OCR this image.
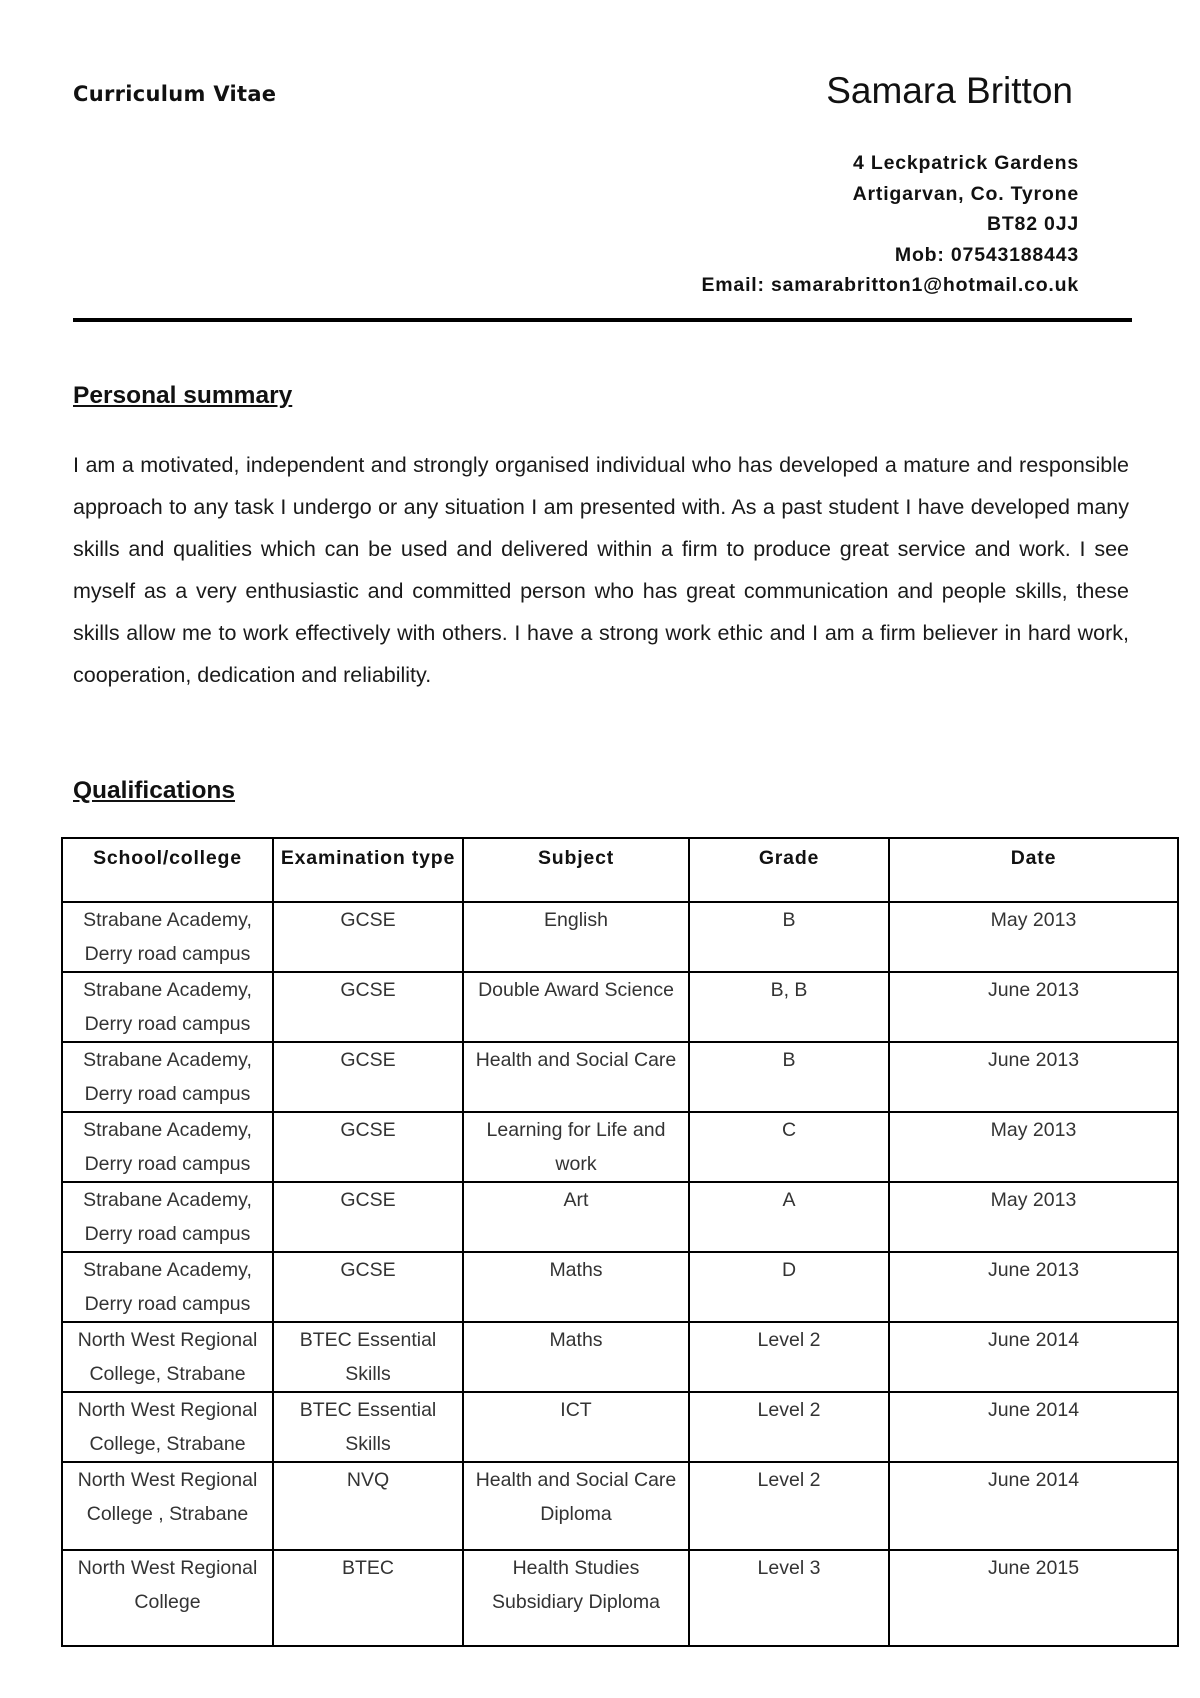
Curriculum Vitae	Samara Britton
4 Leckpatrick Gardens
Artigarvan, Co. Tyrone
BT82 0JJ
Mob: 07543188443
Email: samarabritton1@hotmail.co.uk
Personal summary
I am a motivated, independent and strongly organised individual who has developed a mature and responsible approach to any task I undergo or any situation I am presented with. As a past student I have developed many skills and qualities which can be used and delivered within a firm to produce great service and work. I see myself as a very enthusiastic and committed person who has great communication and people skills, these skills allow me to work effectively with others. I have a strong work ethic and I am a firm believer in hard work, cooperation, dedication and reliability.
Qualifications
School/college	Examination type	Subject	Grade	Date
Strabane Academy, Derry road campus	GCSE	English	B	May 2013
Strabane Academy, Derry road campus	GCSE	Double Award Science	B, B	June 2013
Strabane Academy, Derry road campus	GCSE	Health and Social Care	B	June 2013
Strabane Academy, Derry road campus	GCSE	Learning for Life and work	C	May 2013
Strabane Academy, Derry road campus	GCSE	Art	A	May 2013
Strabane Academy, Derry road campus	GCSE	Maths	D	June 2013
North West Regional College, Strabane	BTEC Essential Skills	Maths	Level 2	June 2014
North West Regional College, Strabane	BTEC Essential Skills	ICT	Level 2	June 2014
North West Regional College , Strabane	NVQ	Health and Social Care Diploma	Level 2	June 2014
North West Regional College	BTEC	Health Studies Subsidiary Diploma	Level 3	June 2015
